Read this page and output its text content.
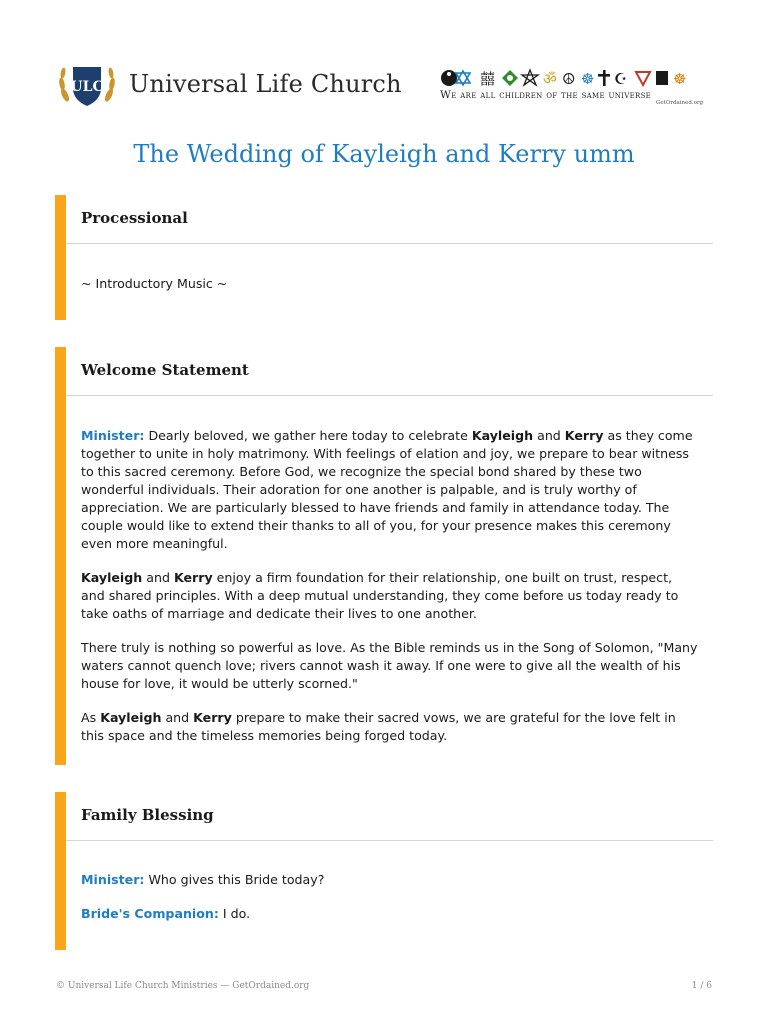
ULC Universal Life Church	囍	ॐ ☮ ☸ ☪	☸
We are all children of the same universe
GetOrdained.org
The Wedding of Kayleigh and Kerry umm
Processional

~ Introductory Music ~

Welcome Statement

Minister: Dearly beloved, we gather here today to celebrate Kayleigh and Kerry as they come together to unite in holy matrimony. With feelings of elation and joy, we prepare to bear witness to this sacred ceremony. Before God, we recognize the special bond shared by these two wonderful individuals. Their adoration for one another is palpable, and is truly worthy of appreciation. We are particularly blessed to have friends and family in attendance today. The couple would like to extend their thanks to all of you, for your presence makes this ceremony even more meaningful.

Kayleigh and Kerry enjoy a firm foundation for their relationship, one built on trust, respect, and shared principles. With a deep mutual understanding, they come before us today ready to take oaths of marriage and dedicate their lives to one another.

There truly is nothing so powerful as love. As the Bible reminds us in the Song of Solomon, "Many waters cannot quench love; rivers cannot wash it away. If one were to give all the wealth of his house for love, it would be utterly scorned."

As Kayleigh and Kerry prepare to make their sacred vows, we are grateful for the love felt in this space and the timeless memories being forged today.

Family Blessing

Minister: Who gives this Bride today?

Bride's Companion: I do.

© Universal Life Church Ministries — GetOrdained.org	1 / 6
